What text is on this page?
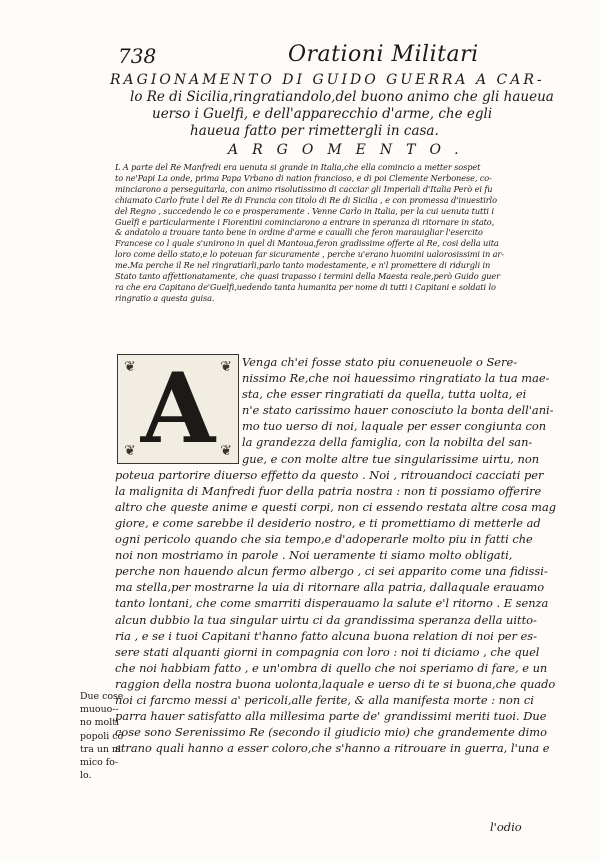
738	Orationi Militari
RAGIONAMENTO DI GUIDO GUERRA A CAR-
lo Re di Sicilia,ringratiandolo,del buono animo che gli haueua
uerso i Guelfi, e dell'apparecchio d'arme, che egli
haueua fatto per rimettergli in casa.
ARGOMENTO.
L A parte del Re Manfredi era uenuta si grande in Italia,che ella comincio a metter sospet
to ne'Papi La onde, prima Papa Vrbano di nation francioso, e di poi Clemente Nerbonese, co-
minciarono a perseguitarla, con animo risolutissimo di cacciar gli Imperiali d'Italia Però ei fu
chiamato Carlo frate l del Re di Francia con titolo di Re di Sicilia , e con promessa d'inuestirlo
del Regno , succedendo le co e prosperamente . Venne Carlo in Italia, per la cui uenuta tutti i
Guelfi e particularmente i Fiorentini cominciarono a entrare in speranza di ritornare in stato,
& andatolo a trouare tanto bene in ordine d'arme e caualli che feron marauigliar l'esercito
Francese co l quale s'unirono in quel di Mantoua,feron gradissime offerte al Re, cosi della uita
loro come dello stato,e lo poteuan far sicuramente , perche u'erano huomini ualorosissimi in ar-
me.Ma perche il Re nel ringratiarli,parlo tanto modestamente, e n'l promettere di ridurgli in
Stato tanto affettionatamente, che quasi trapasso i termini della Maesta reale,però Guido guer
ra che era Capitano de'Guelfi,uedendo tanta humanita per nome di tutti i Capitani e soldati lo
ringratio a questa guisa.
Venga ch'ei fosse stato piu conueneuole o Sere-
nissimo Re,che noi hauessimo ringratiato la tua mae-
sta, che esser ringratiati da quella, tutta uolta, ei
n'e stato carissimo hauer conosciuto la bonta dell'ani-
mo tuo uerso di noi, laquale per esser congiunta con
la grandezza della famiglia, con la nobilta del san-
gue, e con molte altre tue singularissime uirtu, non
poteua partorire diuerso effetto da questo . Noi , ritrouandoci cacciati per
la malignita di Manfredi fuor della patria nostra : non ti possiamo offerire
altro che queste anime e questi corpi, non ci essendo restata altre cosa mag
giore, e come sarebbe il desiderio nostro, e ti promettiamo di metterle ad
ogni pericolo quando che sia tempo,e d'adoperarle molto piu in fatti che
noi non mostriamo in parole . Noi ueramente ti siamo molto obligati,
perche non hauendo alcun fermo albergo , ci sei apparito come una fidissi-
ma stella,per mostrarne la uia di ritornare alla patria, dallaquale erauamo
tanto lontani, che come smarriti disperauamo la salute e'l ritorno . E senza
alcun dubbio la tua singular uirtu ci da grandissima speranza della uitto-
ria , e se i tuoi Capitani t'hanno fatto alcuna buona relation di noi per es-
sere stati alquanti giorni in compagnia con loro : noi ti diciamo , che quel
che noi habbiam fatto , e un'ombra di quello che noi speriamo di fare, e un
raggion della nostra buona uolonta,laquale e uerso di te si buona,che quado
noi ci farcmo messi a' pericoli,alle ferite, & alla manifesta morte : non ci
parra hauer satisfatto alla millesima parte de' grandissimi meriti tuoi. Due
cose sono Serenissimo Re (secondo il giudicio mio) che grandemente dimo
strano quali hanno a esser coloro,che s'hanno a ritrouare in guerra, l'una e
❦	❦
❦	❦
A
Due cose
muouo--
no molti
popoli cō
tra un ni
mico fo-
lo.
l'odio
